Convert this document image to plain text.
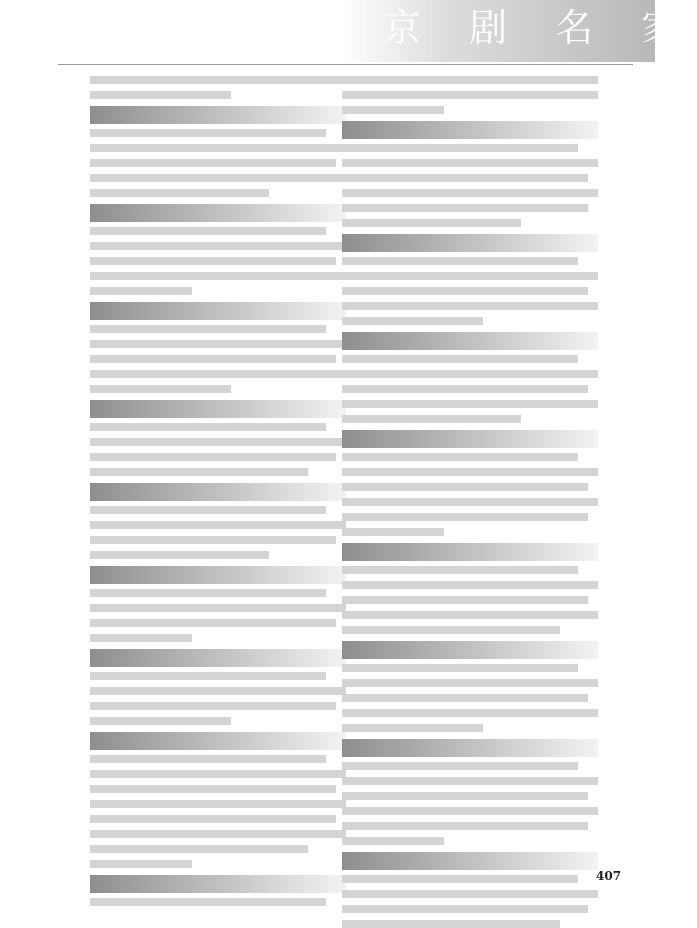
京 剧 名 家
407
